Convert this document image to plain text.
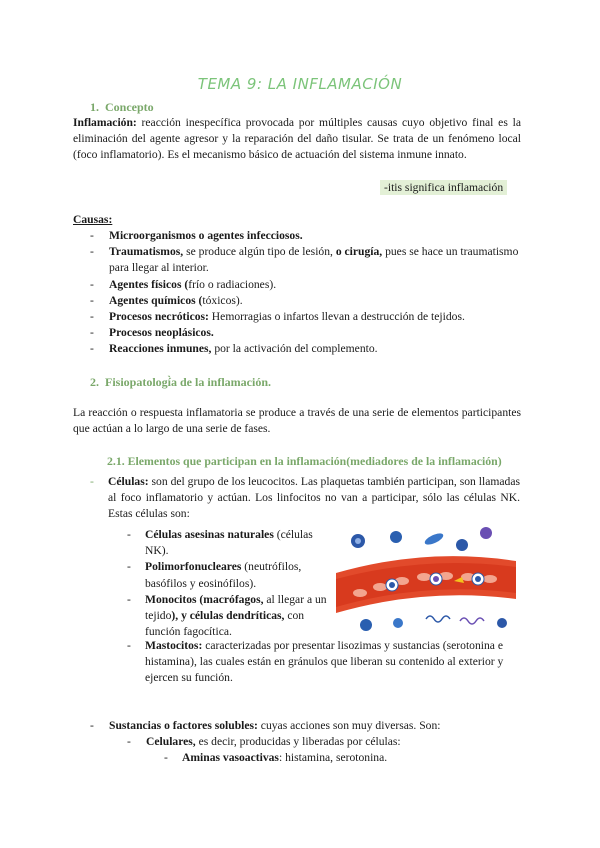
TEMA 9: LA INFLAMACIÓN
1. Concepto
Inflamación: reacción inespecífica provocada por múltiples causas cuyo objetivo final es la eliminación del agente agresor y la reparación del daño tisular. Se trata de un fenómeno local (foco inflamatorio). Es el mecanismo básico de actuación del sistema inmune innato.
-itis significa inflamación
Causas:
- Microorganismos o agentes infecciosos.
- Traumatismos, se produce algún tipo de lesión, o cirugía, pues se hace un traumatismo para llegar al interior.
- Agentes físicos (frío o radiaciones).
- Agentes químicos (tóxicos).
- Procesos necróticos: Hemorragias o infartos llevan a destrucción de tejidos.
- Procesos neoplásicos.
- Reacciones inmunes, por la activación del complemento.
2. Fisiopatologí̀a de la inflamación.
La reacción o respuesta inflamatoria se produce a través de una serie de elementos participantes que actúan a lo largo de una serie de fases.
2.1. Elementos que participan en la inflamación(mediadores de la inflamación)
-	Células: son del grupo de los leucocitos. Las plaquetas también participan, son llamadas al foco inflamatorio y actúan. Los linfocitos no van a participar, sólo las células NK. Estas células son:
- Células asesinas naturales (células NK).
- Polimorfonucleares (neutrófilos, basófilos y eosinófilos).
- Monocitos (macrófagos, al llegar a un tejido), y células dendríticas, con función fagocítica.
-	Mastocitos: caracterizadas por presentar lisozimas y sustancias (serotonina e histamina), las cuales están en gránulos que liberan su contenido al exterior y ejercen su función.
-	Sustancias o factores solubles: cuyas acciones son muy diversas. Son:
-	Celulares, es decir, producidas y liberadas por células:
-	Aminas vasoactivas: histamina, serotonina.
